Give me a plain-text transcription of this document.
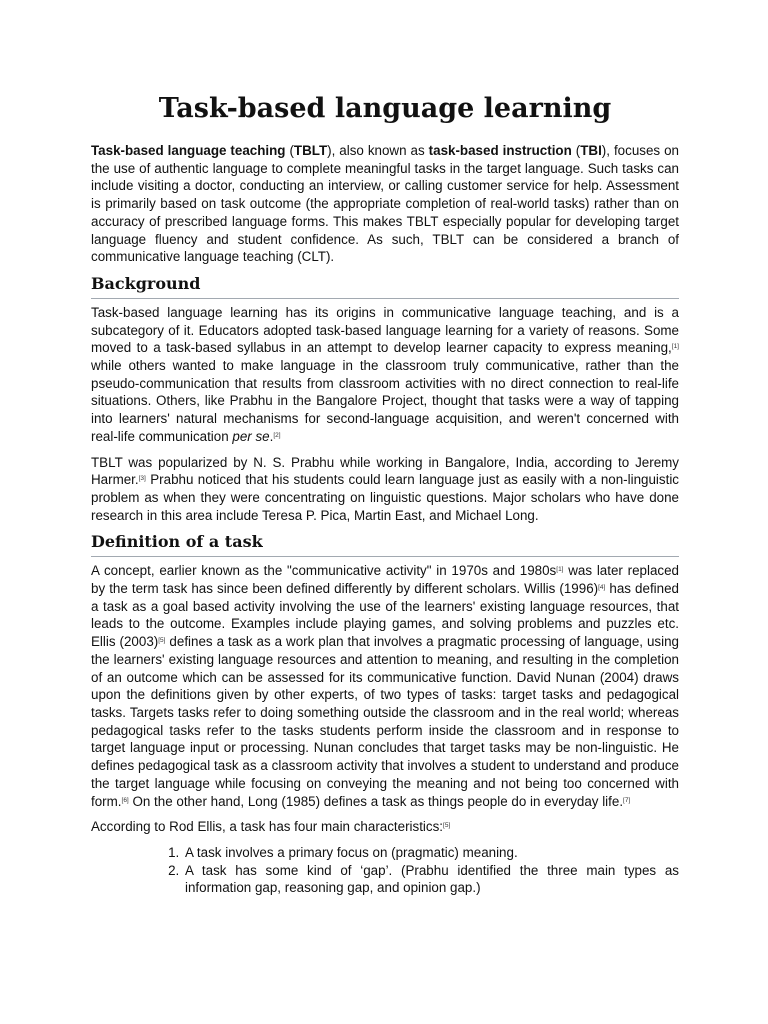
Task-based language learning

Task-based language teaching (TBLT), also known as task-based instruction (TBI), focuses on the use of authentic language to complete meaningful tasks in the target language. Such tasks can include visiting a doctor, conducting an interview, or calling customer service for help. Assessment is primarily based on task outcome (the appropriate completion of real-world tasks) rather than on accuracy of prescribed language forms. This makes TBLT especially popular for developing target language fluency and student confidence. As such, TBLT can be considered a branch of communicative language teaching (CLT).

Background

Task-based language learning has its origins in communicative language teaching, and is a subcategory of it. Educators adopted task-based language learning for a variety of reasons. Some moved to a task-based syllabus in an attempt to develop learner capacity to express meaning,[1] while others wanted to make language in the classroom truly communicative, rather than the pseudo-communication that results from classroom activities with no direct connection to real-life situations. Others, like Prabhu in the Bangalore Project, thought that tasks were a way of tapping into learners' natural mechanisms for second-language acquisition, and weren't concerned with real-life communication per se.[2]

TBLT was popularized by N. S. Prabhu while working in Bangalore, India, according to Jeremy Harmer.[3] Prabhu noticed that his students could learn language just as easily with a non-linguistic problem as when they were concentrating on linguistic questions. Major scholars who have done research in this area include Teresa P. Pica, Martin East, and Michael Long.

Definition of a task

A concept, earlier known as the "communicative activity" in 1970s and 1980s[1] was later replaced by the term task has since been defined differently by different scholars. Willis (1996)[4] has defined a task as a goal based activity involving the use of the learners' existing language resources, that leads to the outcome. Examples include playing games, and solving problems and puzzles etc. Ellis (2003)[5] defines a task as a work plan that involves a pragmatic processing of language, using the learners' existing language resources and attention to meaning, and resulting in the completion of an outcome which can be assessed for its communicative function. David Nunan (2004) draws upon the definitions given by other experts, of two types of tasks: target tasks and pedagogical tasks. Targets tasks refer to doing something outside the classroom and in the real world; whereas pedagogical tasks refer to the tasks students perform inside the classroom and in response to target language input or processing. Nunan concludes that target tasks may be non-linguistic. He defines pedagogical task as a classroom activity that involves a student to understand and produce the target language while focusing on conveying the meaning and not being too concerned with form.[6] On the other hand, Long (1985) defines a task as things people do in everyday life.[7]

According to Rod Ellis, a task has four main characteristics:[5]

1. A task involves a primary focus on (pragmatic) meaning.
2. A task has some kind of ‘gap’. (Prabhu identified the three main types as information gap, reasoning gap, and opinion gap.)
